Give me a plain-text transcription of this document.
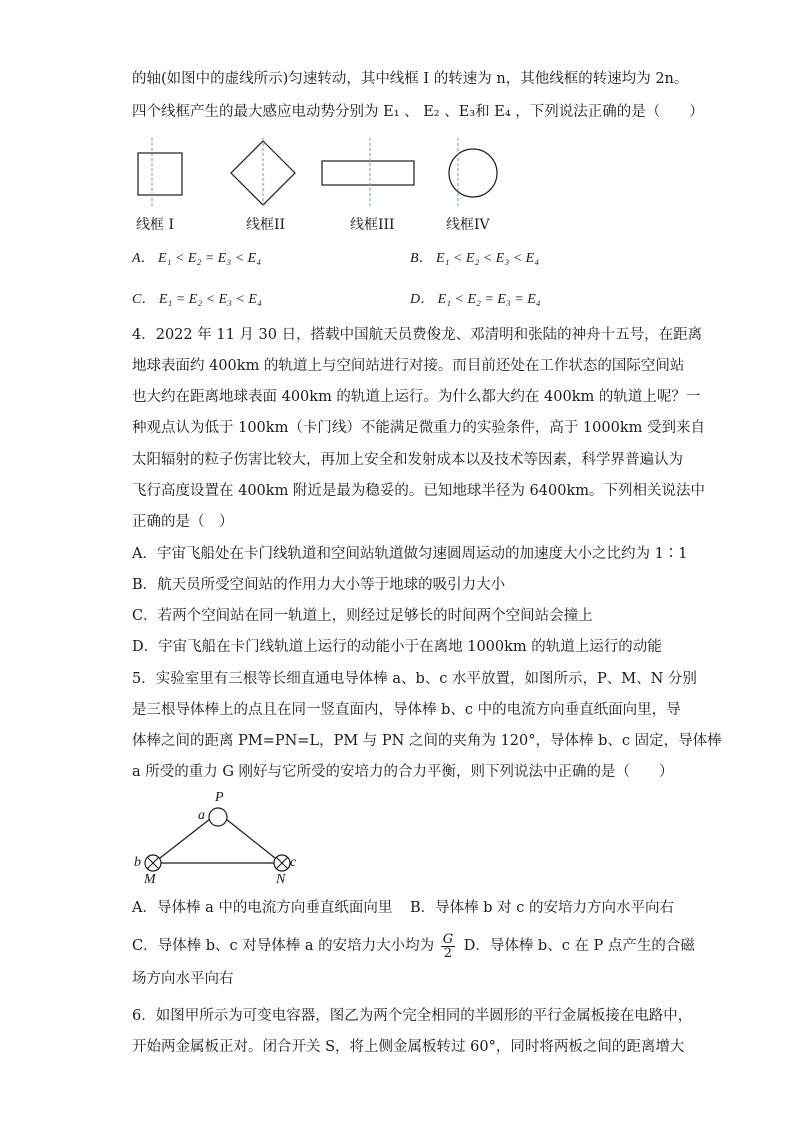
的轴(如图中的虚线所示)匀速转动，其中线框 I 的转速为 n，其他线框的转速均为 2n。
四个线框产生的最大感应电动势分别为 E₁ 、 E₂ 、E₃和 E₄ ，下列说法正确的是（　　）
线框 I	线框II	线框III	线框IV
A． E₁ < E₂ = E₃ < E₄	B． E₁ < E₂ < E₃ < E₄
C． E₁ = E₂ < E₃ < E₄	D． E₁ < E₂ = E₃ = E₄
4．2022 年 11 月 30 日，搭载中国航天员费俊龙、邓清明和张陆的神舟十五号，在距离
地球表面约 400km 的轨道上与空间站进行对接。而目前还处在工作状态的国际空间站
也大约在距离地球表面 400km 的轨道上运行。为什么都大约在 400km 的轨道上呢？一
种观点认为低于 100km（卡门线）不能满足微重力的实验条件，高于 1000km 受到来自
太阳辐射的粒子伤害比较大，再加上安全和发射成本以及技术等因素，科学界普遍认为
飞行高度设置在 400km 附近是最为稳妥的。已知地球半径为 6400km。下列相关说法中
正确的是（　）
A．宇宙飞船处在卡门线轨道和空间站轨道做匀速圆周运动的加速度大小之比约为 1∶1
B．航天员所受空间站的作用力大小等于地球的吸引力大小
C．若两个空间站在同一轨道上，则经过足够长的时间两个空间站会撞上
D．宇宙飞船在卡门线轨道上运行的动能小于在离地 1000km 的轨道上运行的动能
5．实验室里有三根等长细直通电导体棒 a、b、c 水平放置，如图所示，P、M、N 分别
是三根导体棒上的点且在同一竖直面内，导体棒 b、c 中的电流方向垂直纸面向里，导
体棒之间的距离 PM=PN=L，PM 与 PN 之间的夹角为 120°，导体棒 b、c 固定，导体棒
a 所受的重力 G 刚好与它所受的安培力的合力平衡，则下列说法中正确的是（　　）
P
a
b
M
c
N
A．导体棒 a 中的电流方向垂直纸面向里 B．导体棒 b 对 c 的安培力方向水平向右
C．导体棒 b、c 对导体棒 a 的安培力大小均为 $\frac{G}{2}$ D．导体棒 b、c 在 P 点产生的合磁
场方向水平向右
6．如图甲所示为可变电容器，图乙为两个完全相同的半圆形的平行金属板接在电路中，
开始两金属板正对。闭合开关 S，将上侧金属板转过 60°，同时将两板之间的距离增大
